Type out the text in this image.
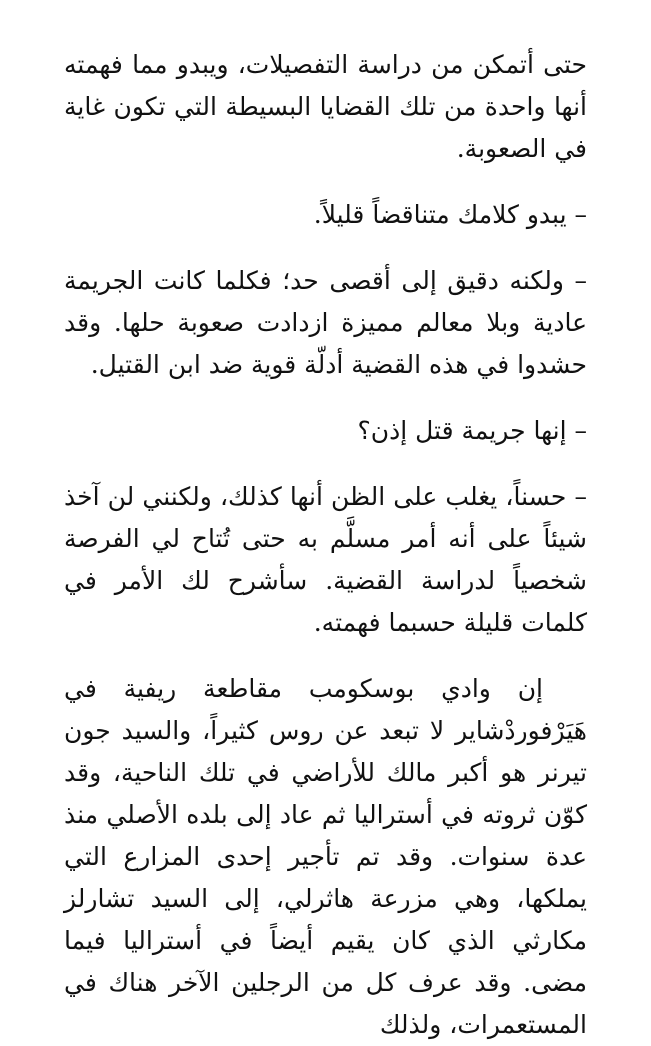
حتى أتمكن من دراسة التفصيلات، ويبدو مما فهمته أنها واحدة من تلك القضايا البسيطة التي تكون غاية في الصعوبة.

– يبدو كلامك متناقضاً قليلاً.

– ولكنه دقيق إلى أقصى حد؛ فكلما كانت الجريمة عادية وبلا معالم مميزة ازدادت صعوبة حلها. وقد حشدوا في هذه القضية أدلّة قوية ضد ابن القتيل.

– إنها جريمة قتل إذن؟

– حسناً، يغلب على الظن أنها كذلك، ولكنني لن آخذ شيئاً على أنه أمر مسلَّم به حتى تُتاح لي الفرصة شخصياً لدراسة القضية. سأشرح لك الأمر في كلمات قليلة حسبما فهمته.

إن وادي بوسكومب مقاطعة ريفية في هَيَرْفوردْشاير لا تبعد عن روس كثيراً، والسيد جون تيرنر هو أكبر مالك للأراضي في تلك الناحية، وقد كوّن ثروته في أستراليا ثم عاد إلى بلده الأصلي منذ عدة سنوات. وقد تم تأجير إحدى المزارع التي يملكها، وهي مزرعة هاثرلي، إلى السيد تشارلز مكارثي الذي كان يقيم أيضاً في أستراليا فيما مضى. وقد عرف كل من الرجلين الآخر هناك في المستعمرات، ولذلك
